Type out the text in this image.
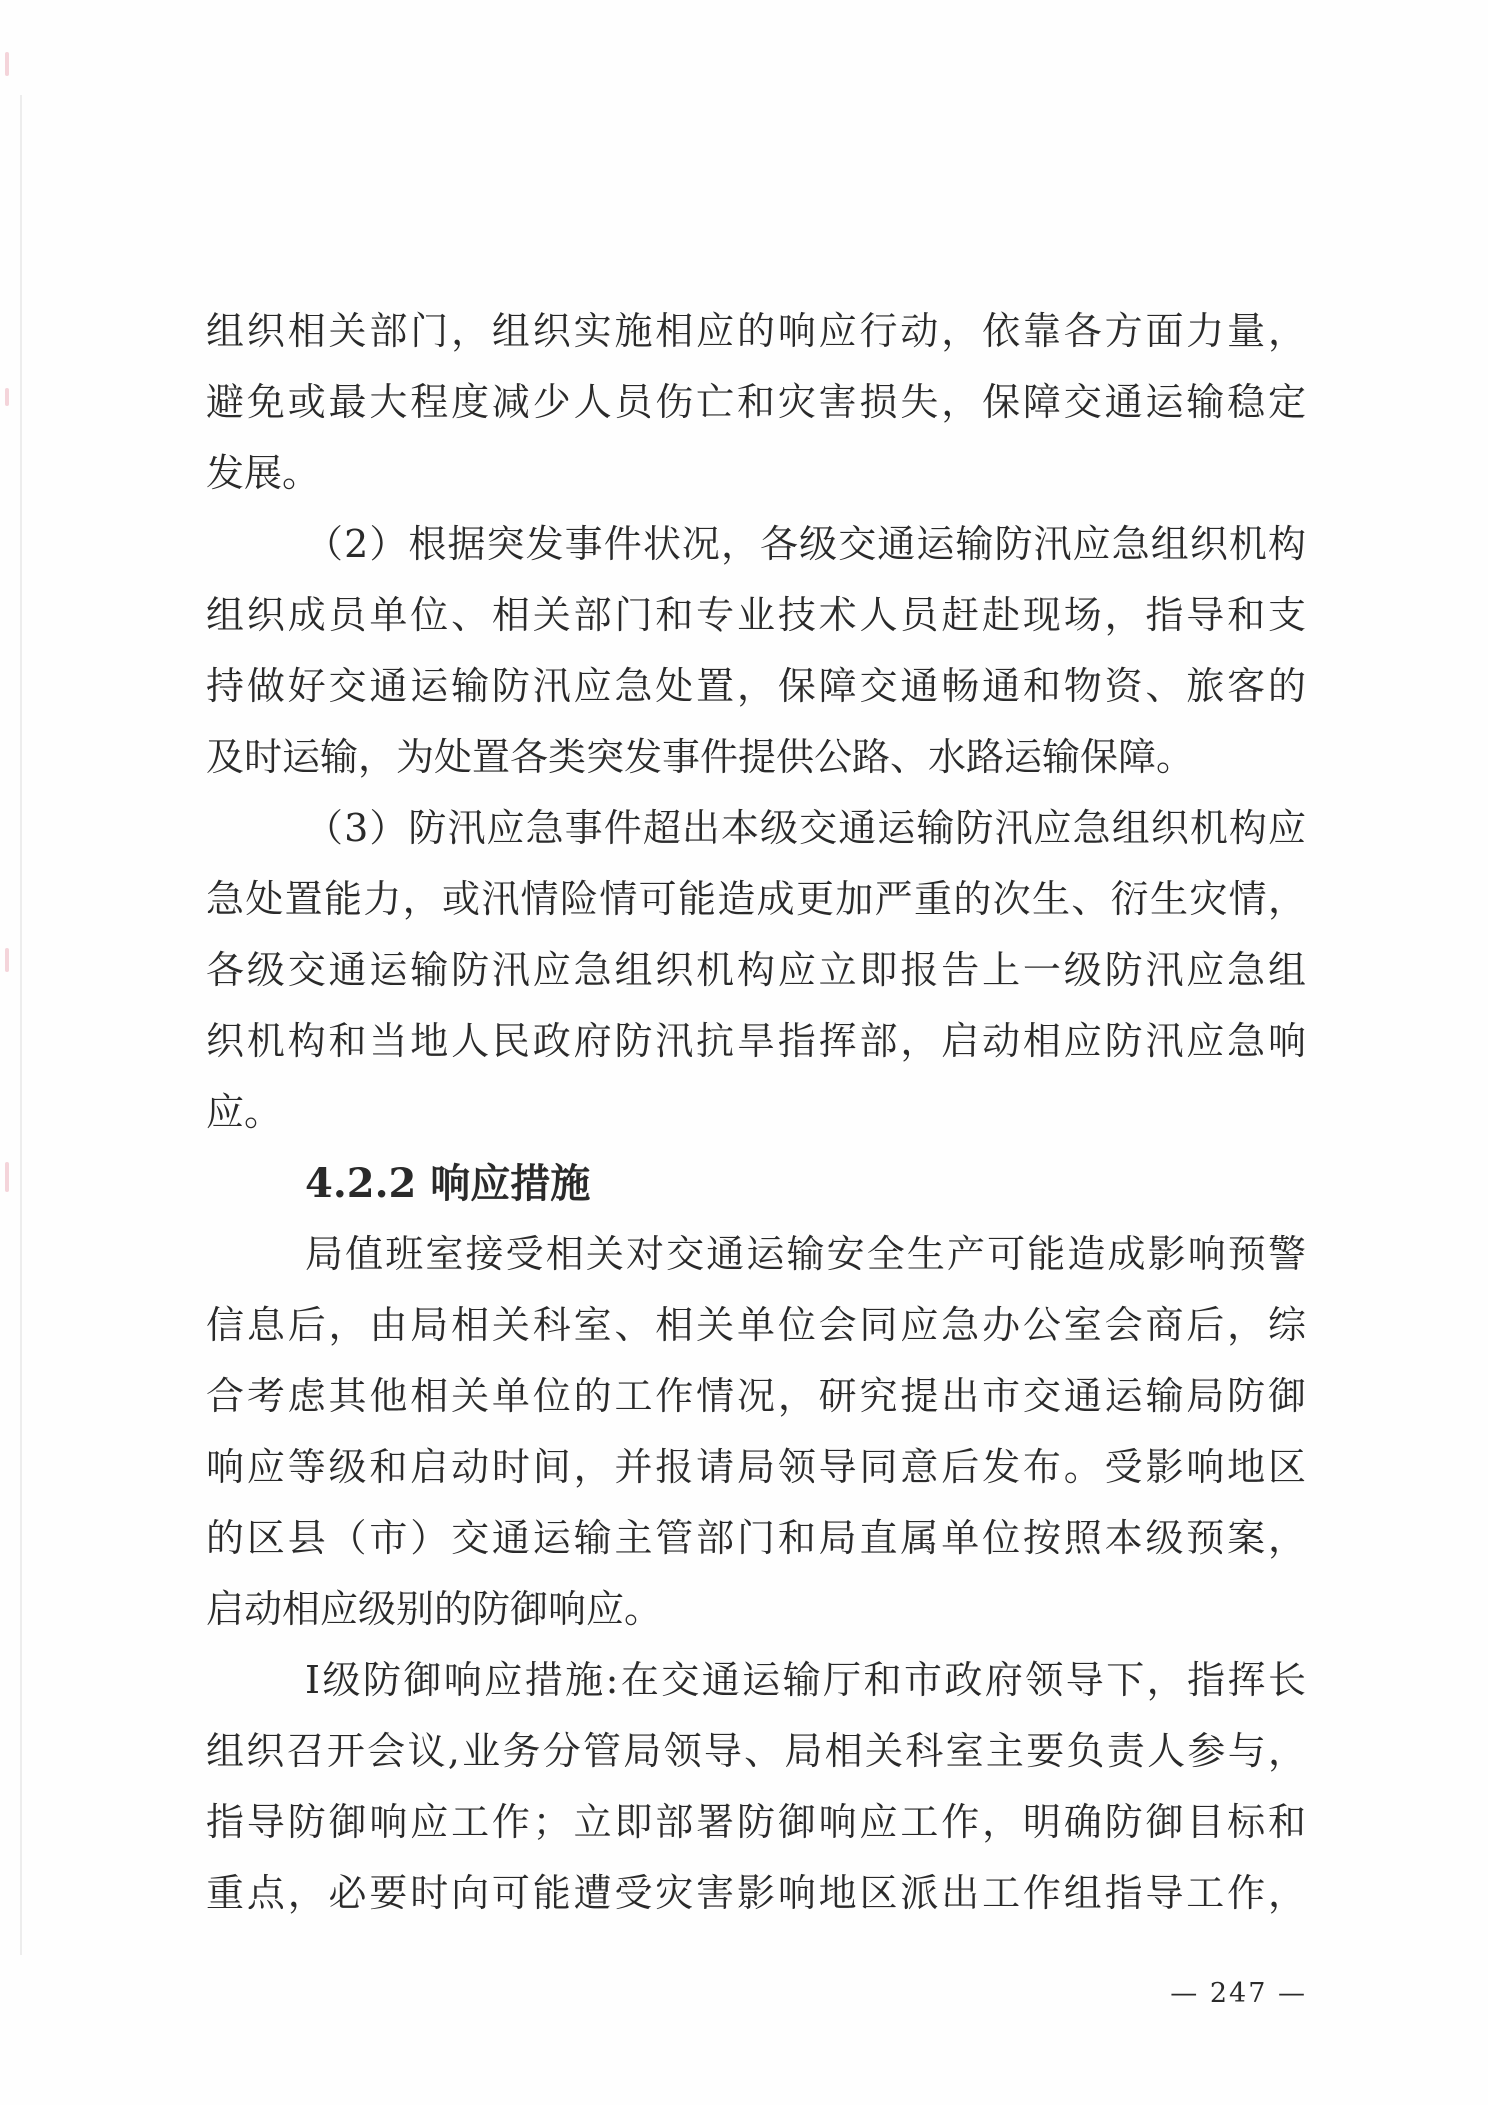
组织相关部门，组织实施相应的响应行动，依靠各方面力量，
避免或最大程度减少人员伤亡和灾害损失，保障交通运输稳定
发展。
（2）根据突发事件状况，各级交通运输防汛应急组织机构
组织成员单位、相关部门和专业技术人员赶赴现场，指导和支
持做好交通运输防汛应急处置，保障交通畅通和物资、旅客的
及时运输，为处置各类突发事件提供公路、水路运输保障。
（3）防汛应急事件超出本级交通运输防汛应急组织机构应
急处置能力，或汛情险情可能造成更加严重的次生、衍生灾情，
各级交通运输防汛应急组织机构应立即报告上一级防汛应急组
织机构和当地人民政府防汛抗旱指挥部，启动相应防汛应急响
应。
4.2.2 响应措施
局值班室接受相关对交通运输安全生产可能造成影响预警
信息后，由局相关科室、相关单位会同应急办公室会商后，综
合考虑其他相关单位的工作情况，研究提出市交通运输局防御
响应等级和启动时间，并报请局领导同意后发布。受影响地区
的区县（市）交通运输主管部门和局直属单位按照本级预案，
启动相应级别的防御响应。
Ⅰ级防御响应措施:在交通运输厅和市政府领导下，指挥长
组织召开会议,业务分管局领导、局相关科室主要负责人参与，
指导防御响应工作；立即部署防御响应工作，明确防御目标和
重点，必要时向可能遭受灾害影响地区派出工作组指导工作，
— 247 —
